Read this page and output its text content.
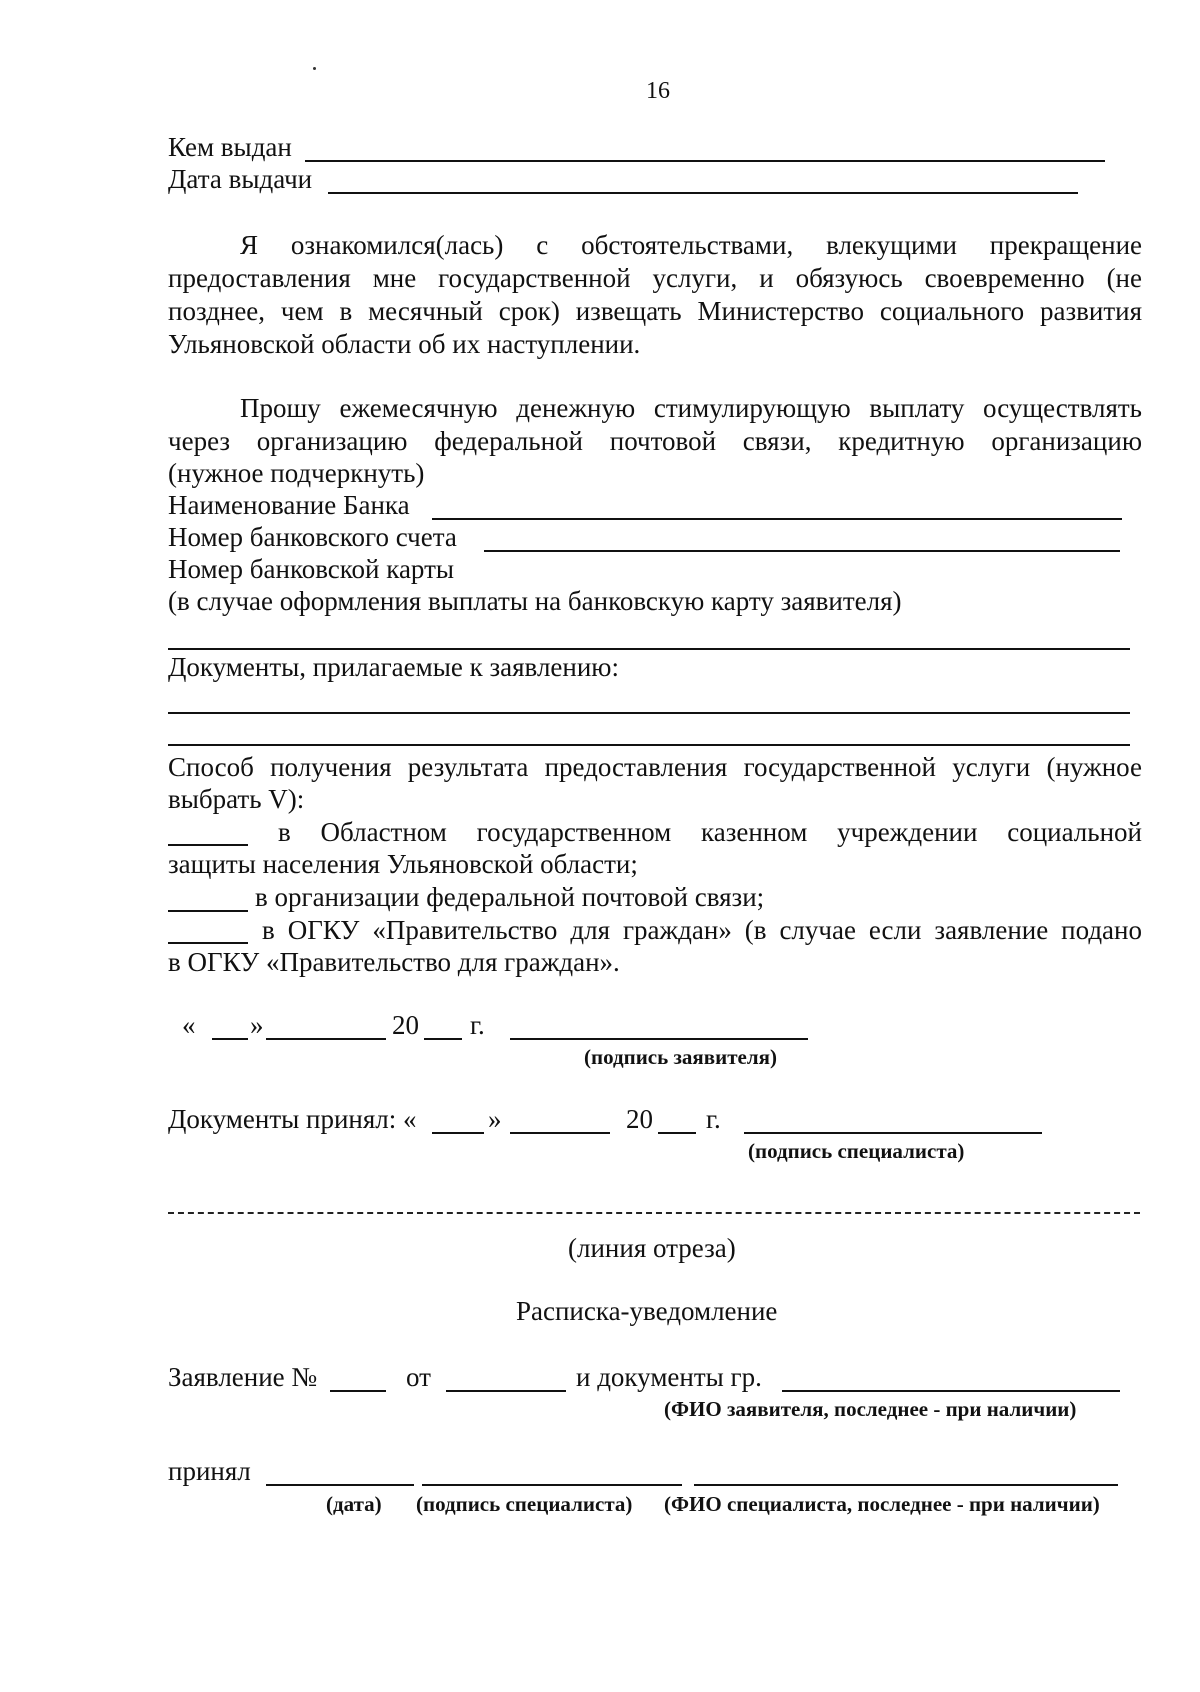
16
Кем выдан
Дата выдачи
Я ознакомился(лась) с обстоятельствами, влекущими прекращение
предоставления мне государственной услуги, и обязуюсь своевременно (не
позднее, чем в месячный срок) извещать Министерство социального развития
Ульяновской области об их наступлении.
Прошу ежемесячную денежную стимулирующую выплату осуществлять
через организацию федеральной почтовой связи, кредитную организацию
(нужное подчеркнуть)
Наименование Банка
Номер банковского счета
Номер банковской карты
(в случае оформления выплаты на банковскую карту заявителя)
Документы, прилагаемые к заявлению:
Способ получения результата предоставления государственной услуги (нужное
выбрать V):
в Областном государственном казенном учреждении социальной
защиты населения Ульяновской области;
в организации федеральной почтовой связи;
в ОГКУ «Правительство для граждан» (в случае если заявление подано
в ОГКУ «Правительство для граждан».
« »	20 г.
(подпись заявителя)
Документы принял: «	»	20 г.
(подпись специалиста)
(линия отреза)
Расписка-уведомление
Заявление №	от	и документы гр.
(ФИО заявителя, последнее - при наличии)
принял
(дата) (подпись специалиста) (ФИО специалиста, последнее - при наличии)
